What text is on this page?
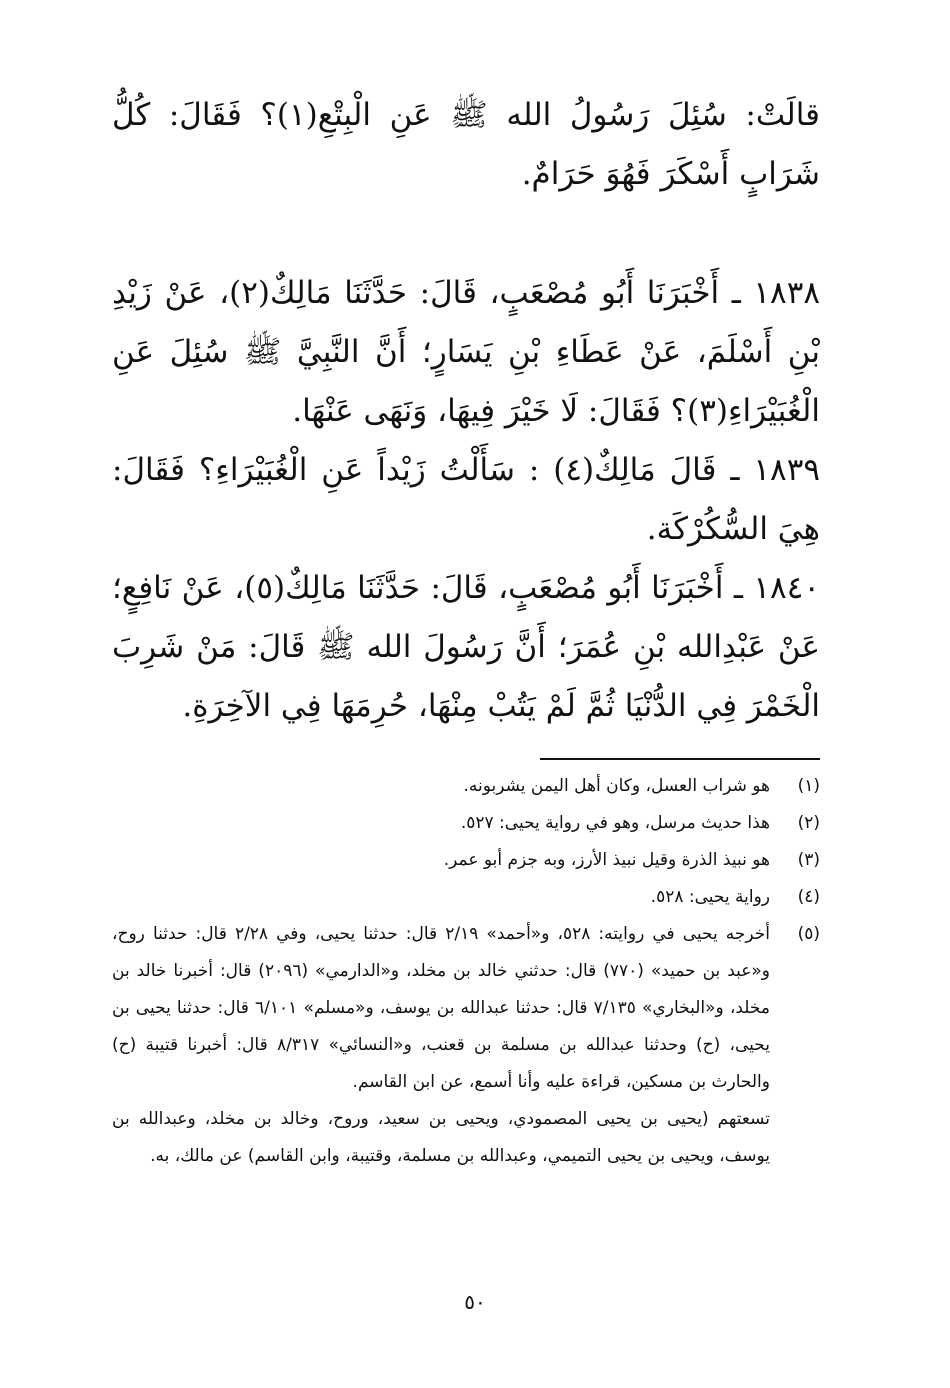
قالَتْ: سُئِلَ رَسُولُ الله ﷺ عَنِ الْبِتْعِ(١)؟ فَقَالَ: كُلُّ شَرَابٍ أَسْكَرَ فَهُوَ حَرَامٌ.

١٨٣٨ ـ أَخْبَرَنَا أَبُو مُصْعَبٍ، قَالَ: حَدَّثَنَا مَالِكٌ(٢)، عَنْ زَيْدِ بْنِ أَسْلَمَ، عَنْ عَطَاءِ بْنِ يَسَارٍ؛ أَنَّ النَّبِيَّ ﷺ سُئِلَ عَنِ الْغُبَيْرَاءِ(٣)؟ فَقَالَ: لَا خَيْرَ فِيهَا، وَنَهَى عَنْهَا.

١٨٣٩ ـ قَالَ مَالِكٌ(٤) : سَأَلْتُ زَيْداً عَنِ الْغُبَيْرَاءِ؟ فَقَالَ: هِيَ السُّكُرْكَة.

١٨٤٠ ـ أَخْبَرَنَا أَبُو مُصْعَبٍ، قَالَ: حَدَّثَنَا مَالِكٌ(٥)، عَنْ نَافِعٍ؛ عَنْ عَبْدِالله بْنِ عُمَرَ؛ أَنَّ رَسُولَ الله ﷺ قَالَ: مَنْ شَرِبَ الْخَمْرَ فِي الدُّنْيَا ثُمَّ لَمْ يَتُبْ مِنْهَا، حُرِمَهَا فِي الآخِرَةِ.

(١)
هو شراب العسل، وكان أهل اليمن يشربونه.
(٢)
هذا حديث مرسل، وهو في رواية يحيى: ٥٢٧.
(٣)
هو نبيذ الذرة وقيل نبيذ الأرز، وبه جزم أبو عمر.
(٤)
رواية يحيى: ٥٢٨.
(٥)
أخرجه يحيى في روايته: ٥٢٨، و«أحمد» ٢/١٩ قال: حدثنا يحيى، وفي ٢/٢٨ قال: حدثنا روح، و«عبد بن حميد» (٧٧٠) قال: حدثني خالد بن مخلد، و«الدارمي» (٢٠٩٦) قال: أخبرنا خالد بن مخلد، و«البخاري» ٧/١٣٥ قال: حدثنا عبدالله بن يوسف، و«مسلم» ٦/١٠١ قال: حدثنا يحيى بن يحيى، (ح) وحدثنا عبدالله بن مسلمة بن قعنب، و«النسائي» ٨/٣١٧ قال: أخبرنا قتيبة (ح) والحارث بن مسكين، قراءة عليه وأنا أسمع، عن ابن القاسم.
تسعتهم (يحيى بن يحيى المصمودي، ويحيى بن سعيد، وروح، وخالد بن مخلد، وعبدالله بن يوسف، ويحيى بن يحيى التميمي، وعبدالله بن مسلمة، وقتيبة، وابن القاسم) عن مالك، به.
٥٠
